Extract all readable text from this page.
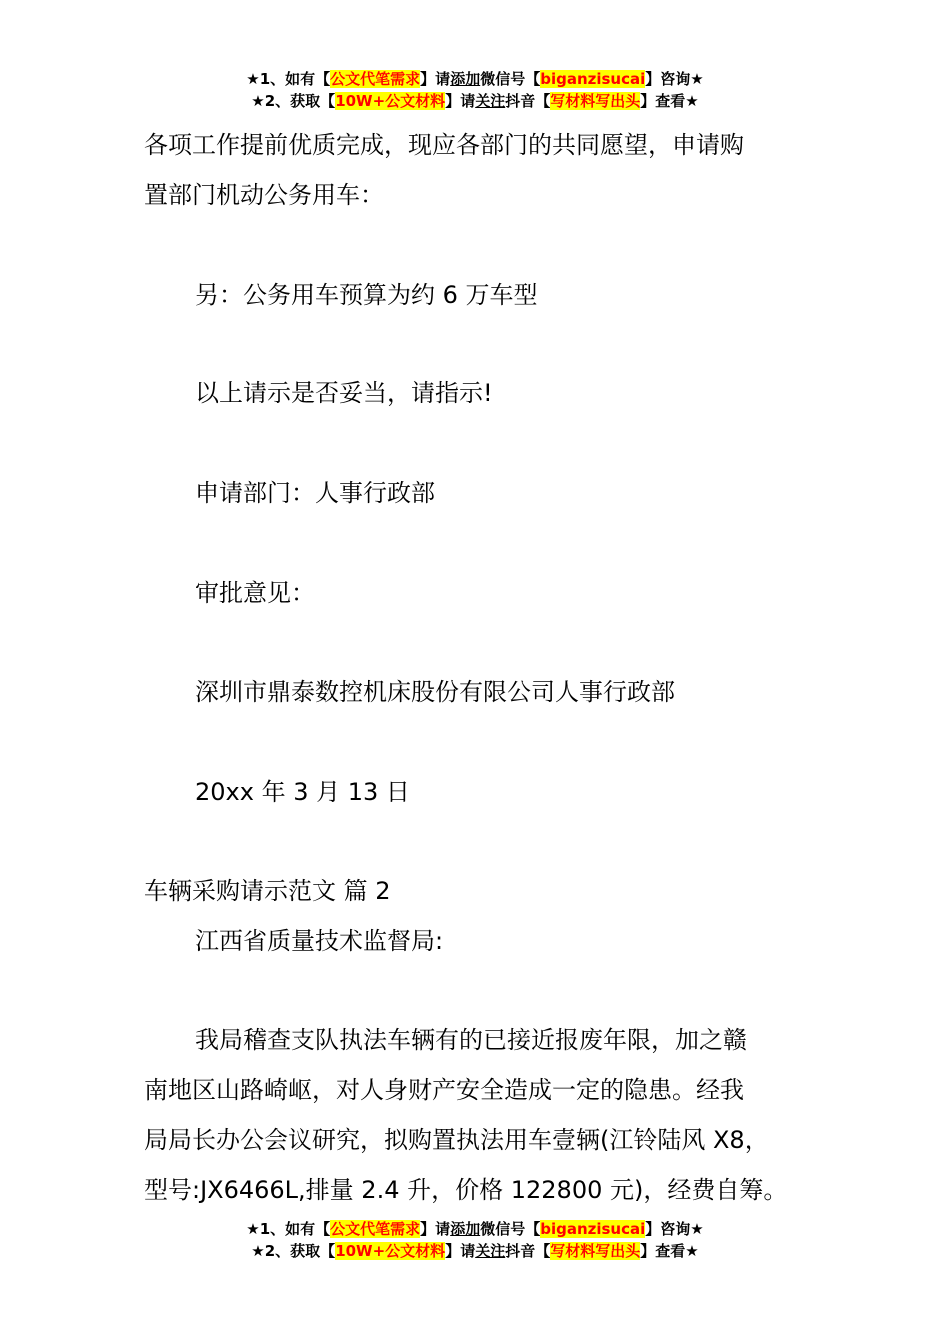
★1、如有【公文代笔需求】请添加微信号【biganzisucai】咨询★
★2、获取【10W+公文材料】请关注抖音【写材料写出头】查看★
各项工作提前优质完成，现应各部门的共同愿望，申请购
置部门机动公务用车：
另：公务用车预算为约 6 万车型
以上请示是否妥当，请指示!
申请部门：人事行政部
审批意见：
深圳市鼎泰数控机床股份有限公司人事行政部
20xx 年 3 月 13 日
车辆采购请示范文 篇 2
江西省质量技术监督局:
我局稽查支队执法车辆有的已接近报废年限，加之赣
南地区山路崎岖，对人身财产安全造成一定的隐患。经我
局局长办公会议研究，拟购置执法用车壹辆(江铃陆风 X8，
型号:JX6466L,排量 2.4 升，价格 122800 元)，经费自筹。
★1、如有【公文代笔需求】请添加微信号【biganzisucai】咨询★
★2、获取【10W+公文材料】请关注抖音【写材料写出头】查看★
